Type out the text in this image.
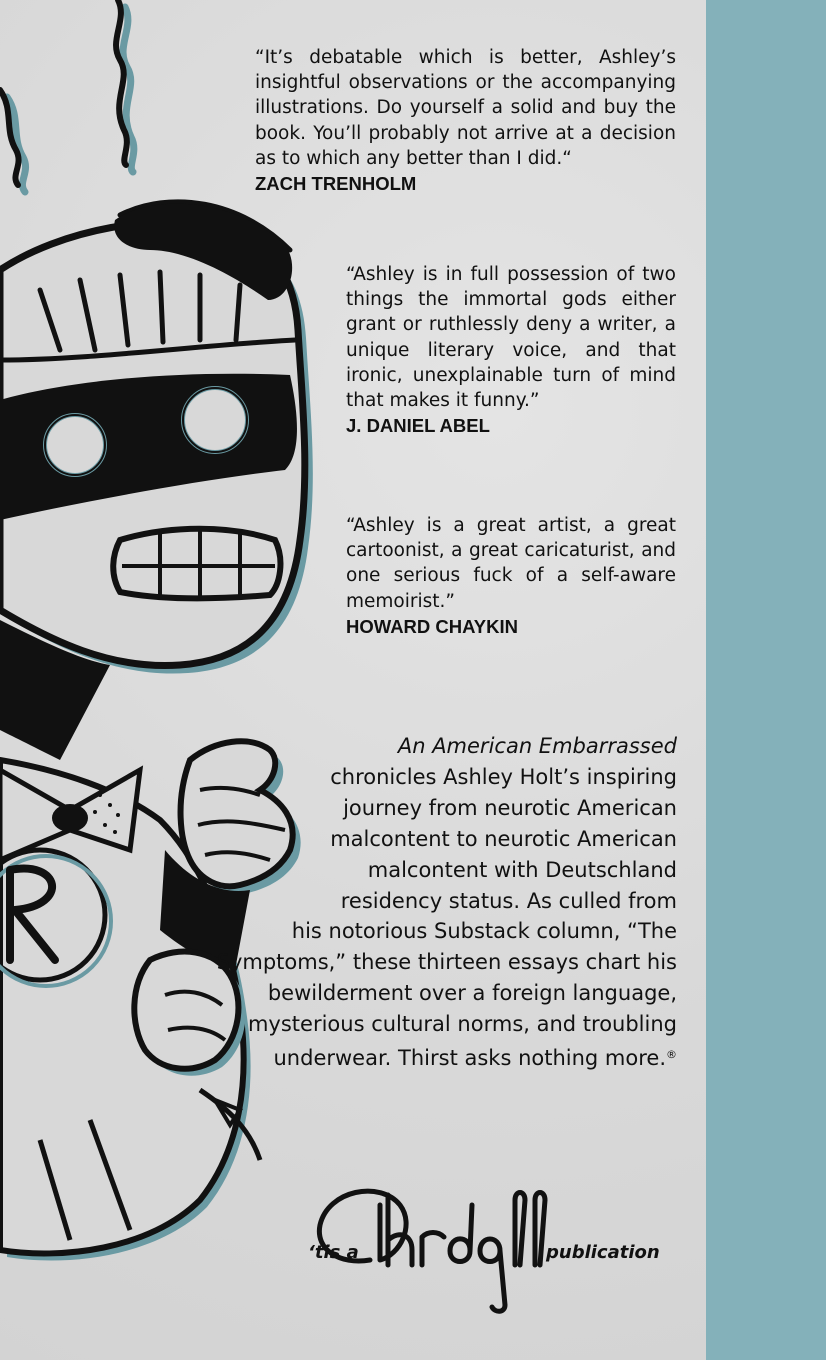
“It’s debatable which is better, Ashley’s insightful observations or the accompanying illustrations. Do yourself a solid and buy the book. You’ll probably not arrive at a decision as to which any better than I did.“

ZACH TRENHOLM

“Ashley is in full possession of two things the immortal gods either grant or ruthlessly deny a writer, a unique literary voice, and that ironic, unexplainable turn of mind that makes it funny.”

J. DANIEL ABEL

“Ashley is a great artist, a great cartoonist, a great caricaturist, and one serious fuck of a self-aware memoirist.”

HOWARD CHAYKIN

An American Embarrassed
chronicles Ashley Holt’s inspiring
journey from neurotic American
malcontent to neurotic American
malcontent with Deutschland
residency status. As culled from
his notorious Substack column, “The
Symptoms,” these thirteen essays chart his
bewilderment over a foreign language,
mysterious cultural norms, and troubling
underwear. Thirst asks nothing more.®
‘tis a	publication
